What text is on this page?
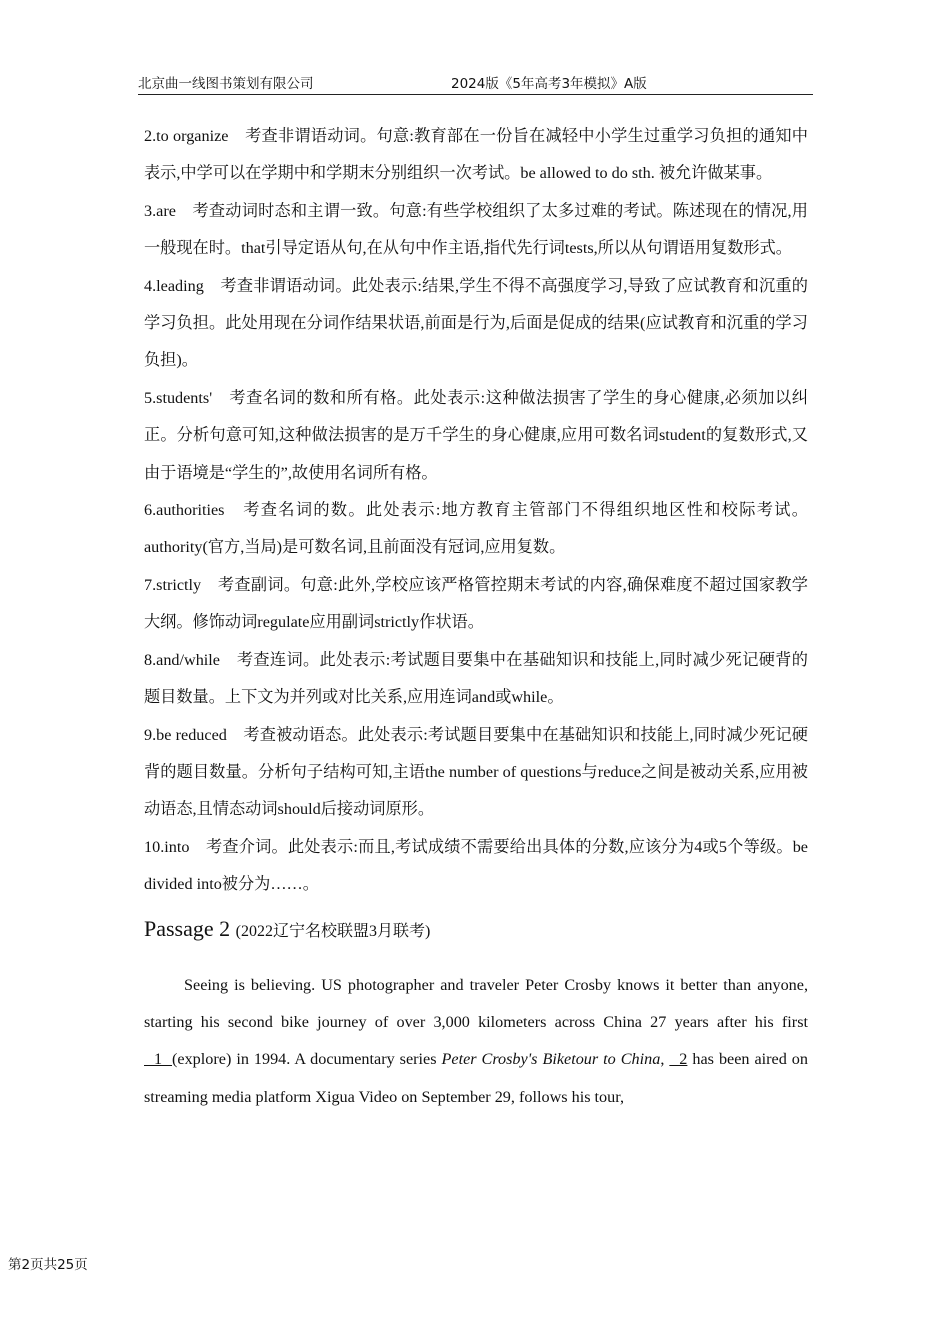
北京曲一线图书策划有限公司	2024版《5年高考3年模拟》A版

2.to organize　考查非谓语动词。句意:教育部在一份旨在减轻中小学生过重学习负担的通知中表示,中学可以在学期中和学期末分别组织一次考试。be allowed to do sth. 被允许做某事。

3.are　考查动词时态和主谓一致。句意:有些学校组织了太多过难的考试。陈述现在的情况,用一般现在时。that引导定语从句,在从句中作主语,指代先行词tests,所以从句谓语用复数形式。

4.leading　考查非谓语动词。此处表示:结果,学生不得不高强度学习,导致了应试教育和沉重的学习负担。此处用现在分词作结果状语,前面是行为,后面是促成的结果(应试教育和沉重的学习负担)。

5.students'　考查名词的数和所有格。此处表示:这种做法损害了学生的身心健康,必须加以纠正。分析句意可知,这种做法损害的是万千学生的身心健康,应用可数名词student的复数形式,又由于语境是“学生的”,故使用名词所有格。

6.authorities　考查名词的数。此处表示:地方教育主管部门不得组织地区性和校际考试。authority(官方,当局)是可数名词,且前面没有冠词,应用复数。

7.strictly　考查副词。句意:此外,学校应该严格管控期末考试的内容,确保难度不超过国家教学大纲。修饰动词regulate应用副词strictly作状语。

8.and/while　考查连词。此处表示:考试题目要集中在基础知识和技能上,同时减少死记硬背的题目数量。上下文为并列或对比关系,应用连词and或while。

9.be reduced　考查被动语态。此处表示:考试题目要集中在基础知识和技能上,同时减少死记硬背的题目数量。分析句子结构可知,主语the number of questions与reduce之间是被动关系,应用被动语态,且情态动词should后接动词原形。

10.into　考查介词。此处表示:而且,考试成绩不需要给出具体的分数,应该分为4或5个等级。be divided into被分为……。

Passage 2 (2022辽宁名校联盟3月联考)

Seeing is believing. US photographer and traveler Peter Crosby knows it better than anyone, starting his second bike journey of over 3,000 kilometers across China 27 years after his first   1  (explore) in 1994. A documentary series Peter Crosby's Biketour to China,   2 has been aired on streaming media platform Xigua Video on September 29, follows his tour,

第2页共25页
